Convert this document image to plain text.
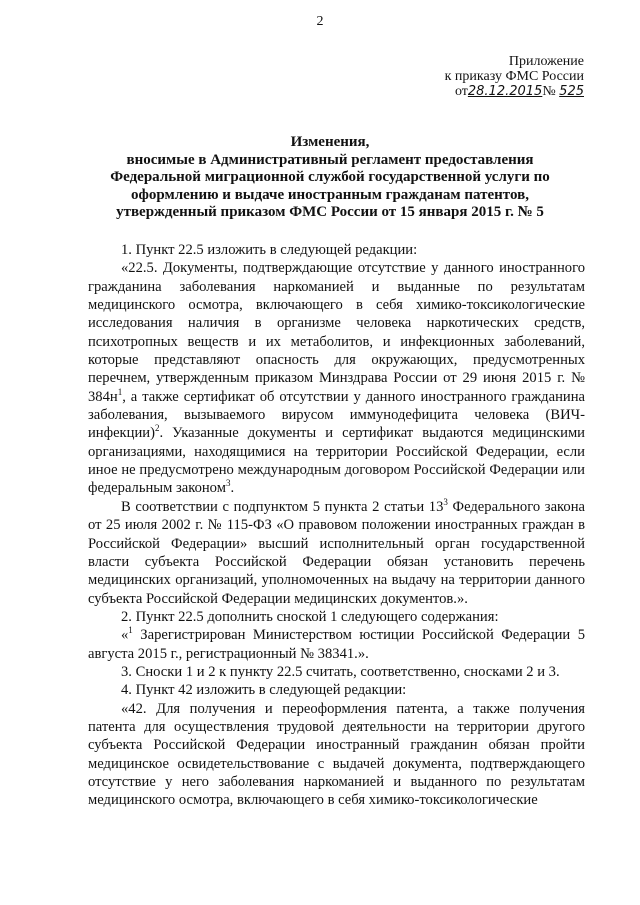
2
Приложение
к приказу ФМС России
от28.12.2015№ 525
Изменения,
вносимые в Административный регламент предоставления
Федеральной миграционной службой государственной услуги по
оформлению и выдаче иностранным гражданам патентов,
утвержденный приказом ФМС России от 15 января 2015 г. № 5

1. Пункт 22.5 изложить в следующей редакции:

«22.5. Документы, подтверждающие отсутствие у данного иностранного гражданина заболевания наркоманией и выданные по результатам медицинского осмотра, включающего в себя химико-токсикологические исследования наличия в организме человека наркотических средств, психотропных веществ и их метаболитов, и инфекционных заболеваний, которые представляют опасность для окружающих, предусмотренных перечнем, утвержденным приказом Минздрава России от 29 июня 2015 г. № $384н^1$, а также сертификат об отсутствии у данного иностранного гражданина заболевания, вызываемого вирусом иммунодефицита человека (ВИЧ-инфекции)$^2$. Указанные документы и сертификат выдаются медицинскими организациями, находящимися на территории Российской Федерации, если иное не предусмотрено международным договором Российской Федерации или федеральным законом$^3$.

В соответствии с подпунктом 5 пункта 2 статьи $13^3$ Федерального закона от 25 июля 2002 г. № 115-ФЗ «О правовом положении иностранных граждан в Российской Федерации» высший исполнительный орган государственной власти субъекта Российской Федерации обязан установить перечень медицинских организаций, уполномоченных на выдачу на территории данного субъекта Российской Федерации медицинских документов.».

2. Пункт 22.5 дополнить сноской 1 следующего содержания:

«$^1$ Зарегистрирован Министерством юстиции Российской Федерации 5 августа 2015 г., регистрационный № 38341.».

3. Сноски 1 и 2 к пункту 22.5 считать, соответственно, сносками 2 и 3.

4. Пункт 42 изложить в следующей редакции:

«42. Для получения и переоформления патента, а также получения патента для осуществления трудовой деятельности на территории другого субъекта Российской Федерации иностранный гражданин обязан пройти медицинское освидетельствование с выдачей документа, подтверждающего отсутствие у него заболевания наркоманией и выданного по результатам медицинского осмотра, включающего в себя химико-токсикологические
